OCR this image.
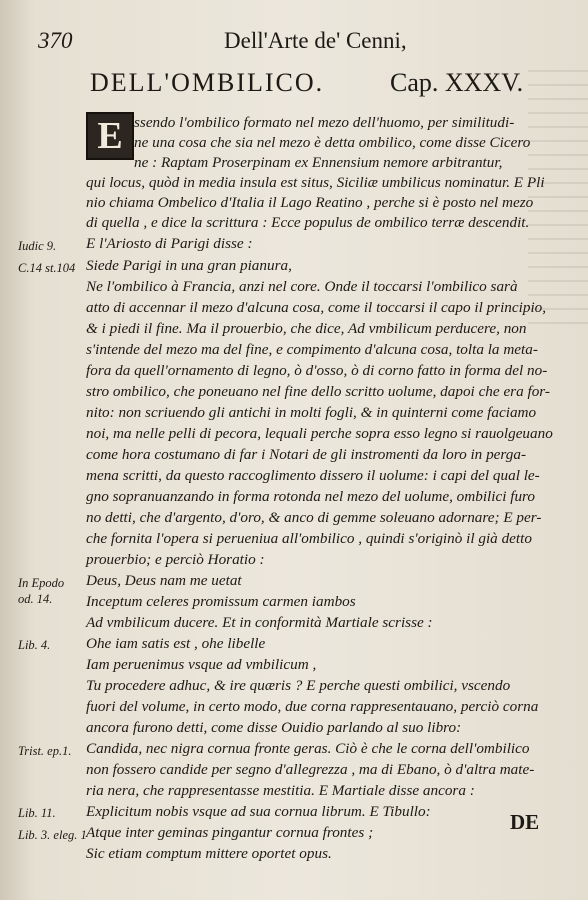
370	Dell'Arte de' Cenni,
DELL'OMBILICO.	Cap. XXXV.
E ssendo l'ombilico formato nel mezo dell'huomo, per similitudi-
ne una cosa che sia nel mezo è detta ombilico, come disse Cicero
ne : Raptam Proserpinam ex Ennensium nemore arbitrantur,
qui locus, quòd in media insula est situs, Siciliæ umbilicus nominatur. E Pli
nio chiama Ombelico d'Italia il Lago Reatino , perche si è posto nel mezo
di quella , e dice la scrittura : Ecce populus de ombilico terræ descendit.
E l'Ariosto di Parigi disse :
Siede Parigi in una gran pianura,
Ne l'ombilico à Francia, anzi nel core. Onde il toccarsi l'ombilico sarà
atto di accennar il mezo d'alcuna cosa, come il toccarsi il capo il principio,
& i piedi il fine. Ma il prouerbio, che dice, Ad vmbilicum perducere, non
s'intende del mezo ma del fine, e compimento d'alcuna cosa, tolta la meta-
fora da quell'ornamento di legno, ò d'osso, ò di corno fatto in forma del no-
stro ombilico, che poneuano nel fine dello scritto uolume, dapoi che era for-
nito: non scriuendo gli antichi in molti fogli, & in quinterni come faciamo
noi, ma nelle pelli di pecora, lequali perche sopra esso legno si rauolgeuano
come hora costumano di far i Notari de gli instromenti da loro in perga-
mena scritti, da questo raccoglimento dissero il uolume: i capi del qual le-
gno sopranuanzando in forma rotonda nel mezo del uolume, ombilici furo
no detti, che d'argento, d'oro, & anco di gemme soleuano adornare; E per-
che fornita l'opera si perueniua all'ombilico , quindi s'originò il già detto
prouerbio; e perciò Horatio :
Deus, Deus nam me uetat
Inceptum celeres promissum carmen iambos
Ad vmbilicum ducere. Et in conformità Martiale scrisse :
Ohe iam satis est , ohe libelle
Iam peruenimus vsque ad vmbilicum ,
Tu procedere adhuc, & ire quæris ? E perche questi ombilici, vscendo
fuori del volume, in certo modo, due corna rappresentauano, perciò corna
ancora furono detti, come disse Ouidio parlando al suo libro:
Candida, nec nigra cornua fronte geras. Ciò è che le corna dell'ombilico
non fossero candide per segno d'allegrezza , ma di Ebano, ò d'altra mate-
ria nera, che rappresentasse mestitia. E Martiale disse ancora :
Explicitum nobis vsque ad sua cornua librum. E Tibullo:
Atque inter geminas pingantur cornua frontes ;
Sic etiam comptum mittere oportet opus.
Iudic 9.
C.14 st.104
In Epodo
od. 14.
Lib. 4.
Trist. ep.1.
Lib. 11.
Lib. 3. eleg. 1
DE
